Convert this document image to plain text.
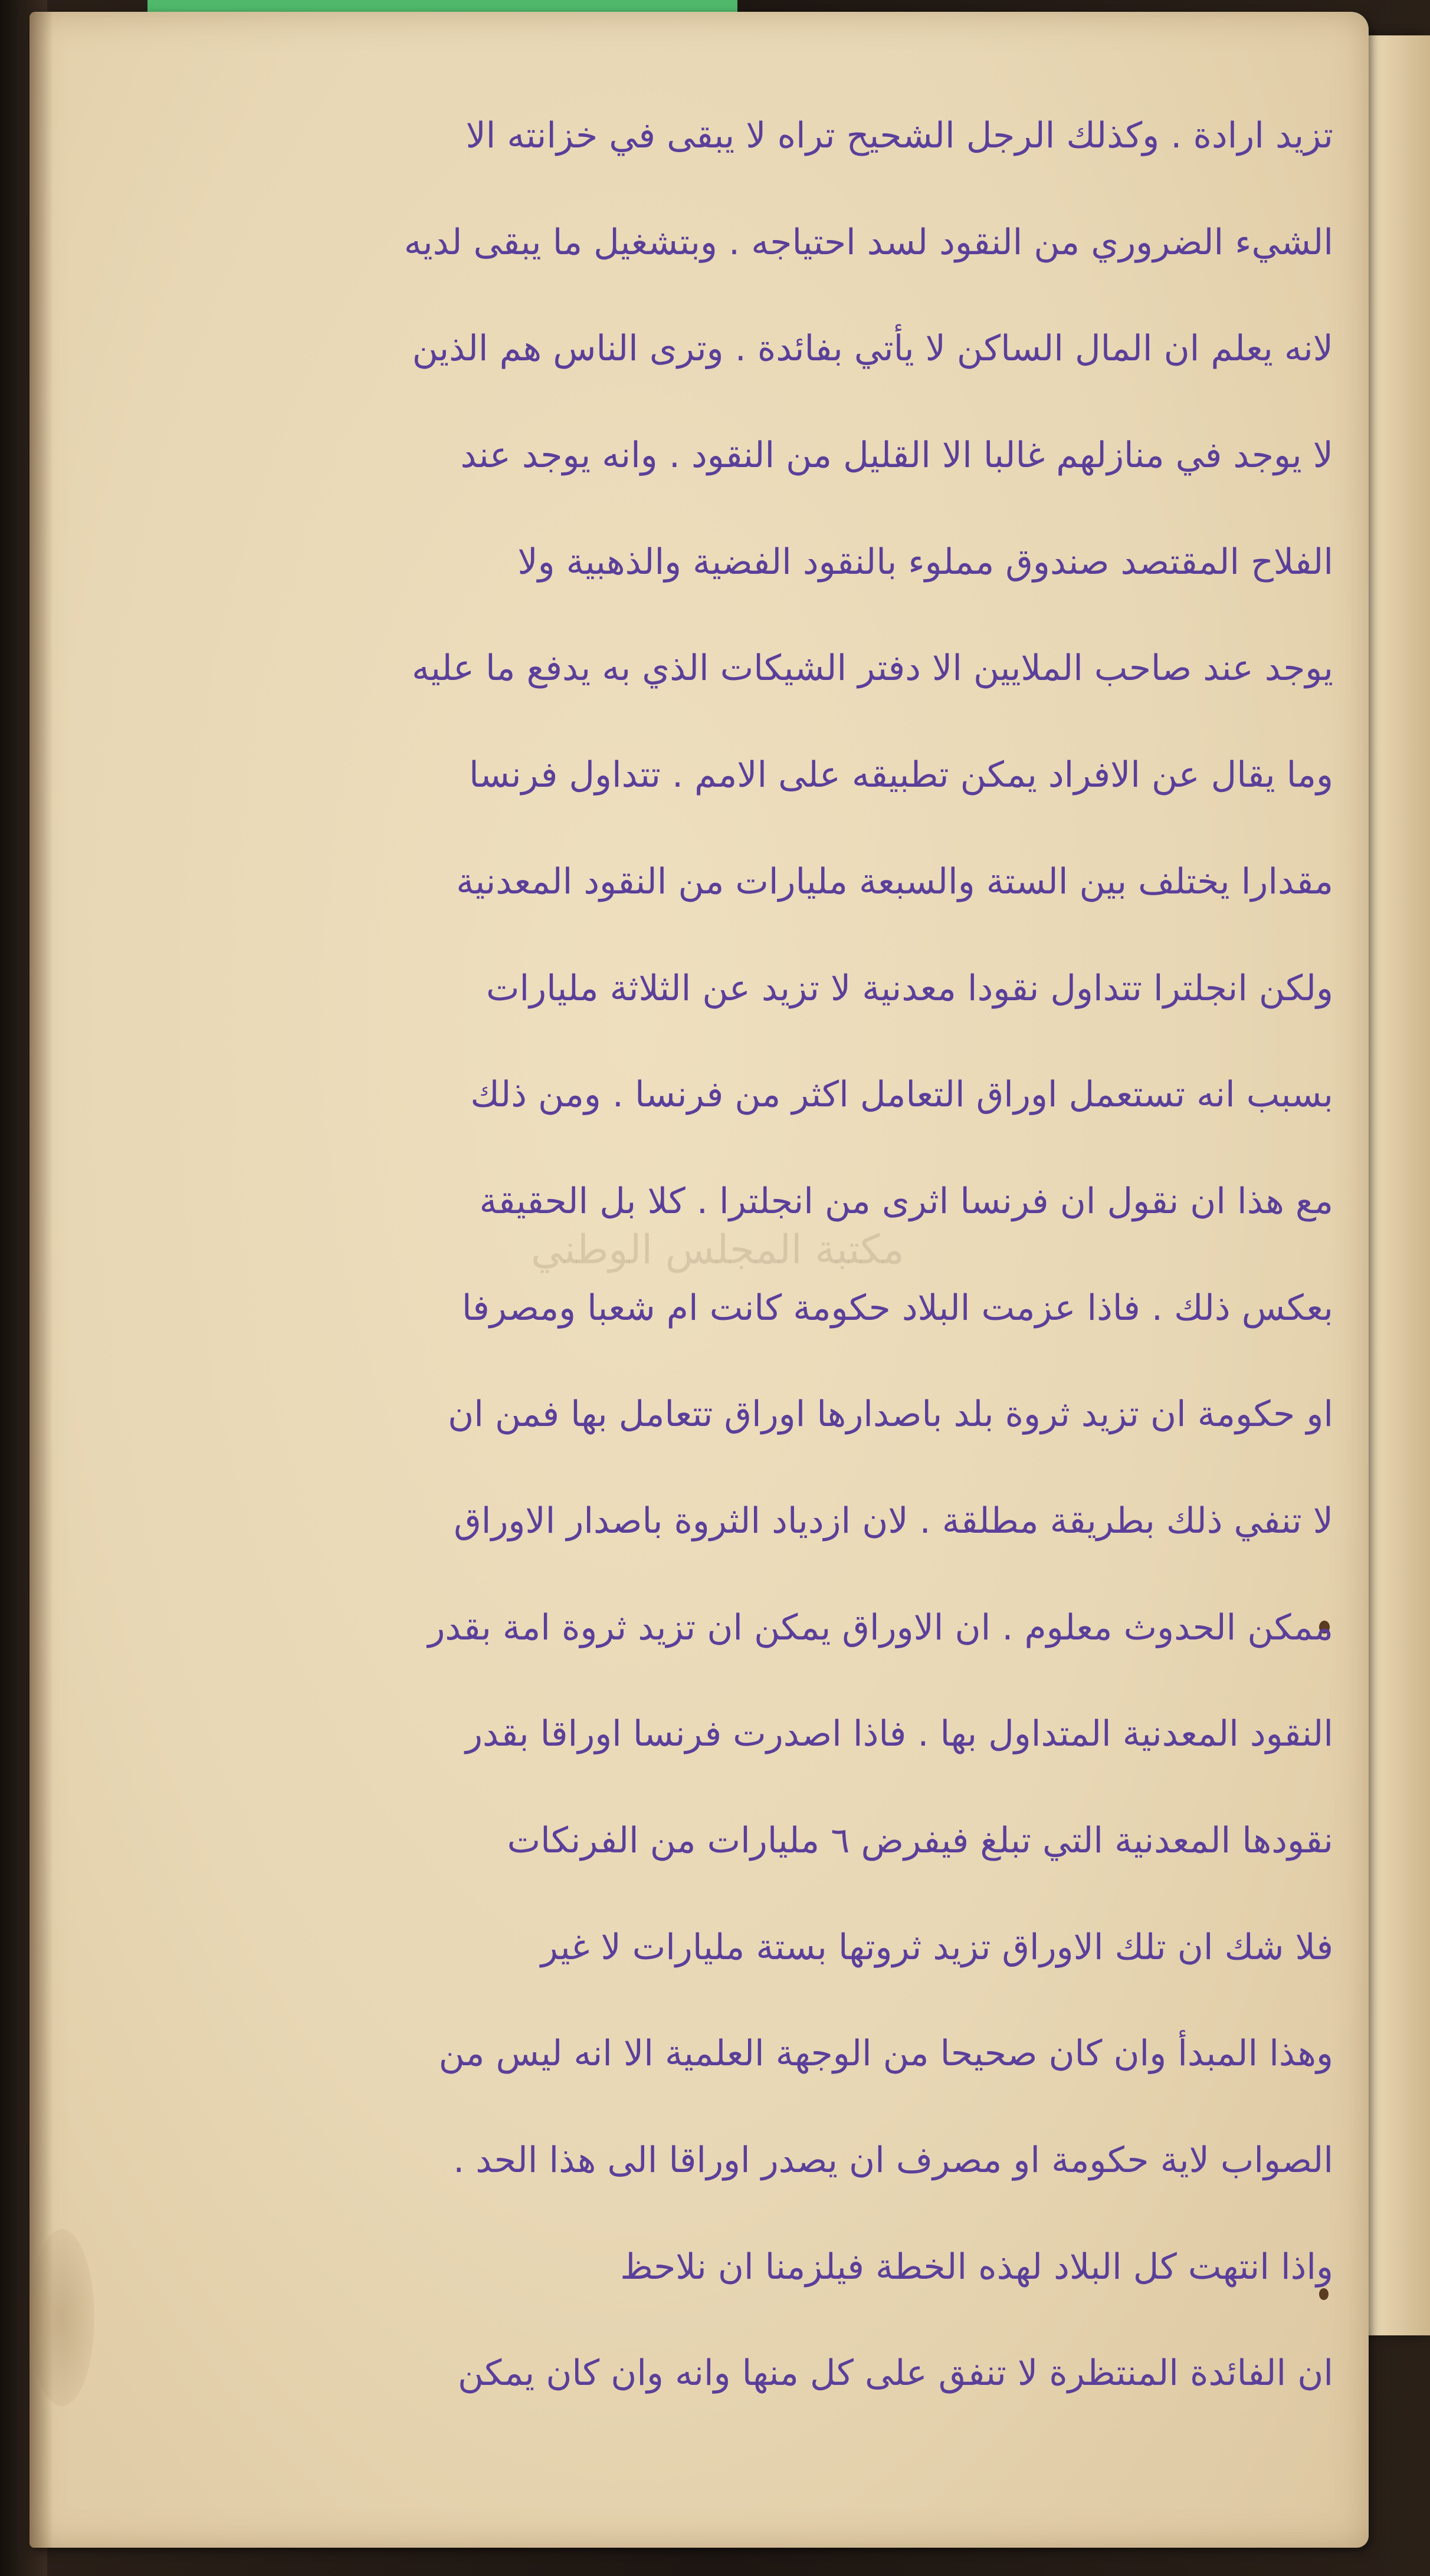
مكتبة المجلس الوطني
تزيد ارادة . وكذلك الرجل الشحيح تراه لا يبقى في خزانته الا
الشيء الضروري من النقود لسد احتياجه . وبتشغيل ما يبقى لديه
لانه يعلم ان المال الساكن لا يأتي بفائدة . وترى الناس هم الذين
لا يوجد في منازلهم غالبا الا القليل من النقود . وانه يوجد عند
الفلاح المقتصد صندوق مملوء بالنقود الفضية والذهبية ولا
يوجد عند صاحب الملايين الا دفتر الشيكات الذي به يدفع ما عليه
وما يقال عن الافراد يمكن تطبيقه على الامم . تتداول فرنسا
مقدارا يختلف بين الستة والسبعة مليارات من النقود المعدنية
ولكن انجلترا تتداول نقودا معدنية لا تزيد عن الثلاثة مليارات
بسبب انه تستعمل اوراق التعامل اكثر من فرنسا . ومن ذلك
مع هذا ان نقول ان فرنسا اثرى من انجلترا . كلا بل الحقيقة
بعكس ذلك . فاذا عزمت البلاد حكومة كانت ام شعبا ومصرفا
او حكومة ان تزيد ثروة بلد باصدارها اوراق تتعامل بها فمن ان
لا تنفي ذلك بطريقة مطلقة . لان ازدياد الثروة باصدار الاوراق
ممكن الحدوث معلوم . ان الاوراق يمكن ان تزيد ثروة امة بقدر
النقود المعدنية المتداول بها . فاذا اصدرت فرنسا اوراقا بقدر
نقودها المعدنية التي تبلغ فيفرض ٦ مليارات من الفرنكات
فلا شك ان تلك الاوراق تزيد ثروتها بستة مليارات لا غير
وهذا المبدأ وان كان صحيحا من الوجهة العلمية الا انه ليس من
الصواب لاية حكومة او مصرف ان يصدر اوراقا الى هذا الحد .
واذا انتهت كل البلاد لهذه الخطة فيلزمنا ان نلاحظ
ان الفائدة المنتظرة لا تنفق على كل منها وانه وان كان يمكن
